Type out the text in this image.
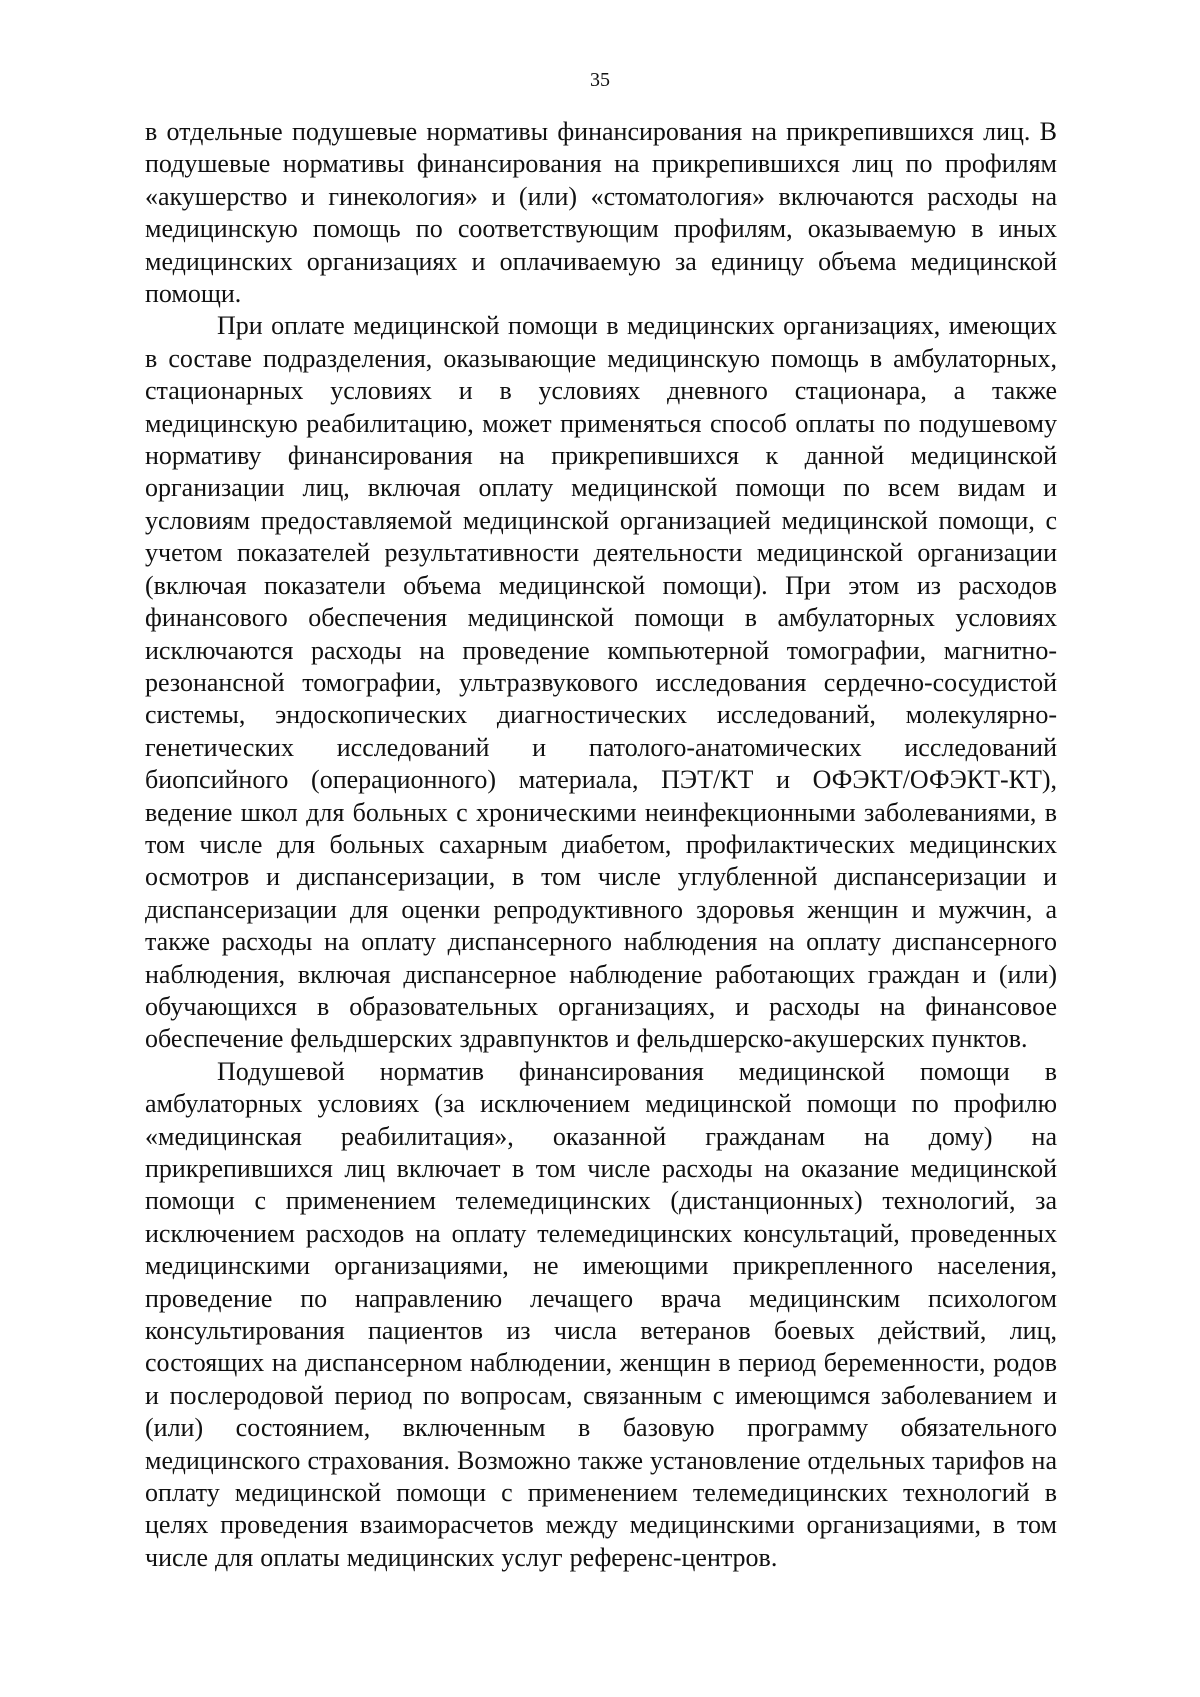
35

в отдельные подушевые нормативы финансирования на прикрепившихся лиц. В подушевые нормативы финансирования на прикрепившихся лиц по профилям «акушерство и гинекология» и (или) «стоматология» включаются расходы на медицинскую помощь по соответствующим профилям, оказываемую в иных медицинских организациях и оплачиваемую за единицу объема медицинской помощи.

При оплате медицинской помощи в медицинских организациях, имеющих в составе подразделения, оказывающие медицинскую помощь в амбулаторных, стационарных условиях и в условиях дневного стационара, а также медицинскую реабилитацию, может применяться способ оплаты по подушевому нормативу финансирования на прикрепившихся к данной медицинской организации лиц, включая оплату медицинской помощи по всем видам и условиям предоставляемой медицинской организацией медицинской помощи, с учетом показателей результативности деятельности медицинской организации (включая показатели объема медицинской помощи). При этом из расходов финансового обеспечения медицинской помощи в амбулаторных условиях исключаются расходы на проведение компьютерной томографии, магнитно-резонансной томографии, ультразвукового исследования сердечно-сосудистой системы, эндоскопических диагностических исследований, молекулярно-генетических исследований и патолого-анатомических исследований биопсийного (операционного) материала, ПЭТ/КТ и ОФЭКТ/ОФЭКТ-КТ), ведение школ для больных с хроническими неинфекционными заболеваниями, в том числе для больных сахарным диабетом, профилактических медицинских осмотров и диспансеризации, в том числе углубленной диспансеризации и диспансеризации для оценки репродуктивного здоровья женщин и мужчин, а также расходы на оплату диспансерного наблюдения на оплату диспансерного наблюдения, включая диспансерное наблюдение работающих граждан и (или) обучающихся в образовательных организациях, и расходы на финансовое обеспечение фельдшерских здравпунктов и фельдшерско-акушерских пунктов.

Подушевой норматив финансирования медицинской помощи в амбулаторных условиях (за исключением медицинской помощи по профилю «медицинская реабилитация», оказанной гражданам на дому) на прикрепившихся лиц включает в том числе расходы на оказание медицинской помощи с применением телемедицинских (дистанционных) технологий, за исключением расходов на оплату телемедицинских консультаций, проведенных медицинскими организациями, не имеющими прикрепленного населения, проведение по направлению лечащего врача медицинским психологом консультирования пациентов из числа ветеранов боевых действий, лиц, состоящих на диспансерном наблюдении, женщин в период беременности, родов и послеродовой период по вопросам, связанным с имеющимся заболеванием и (или) состоянием, включенным в базовую программу обязательного медицинского страхования. Возможно также установление отдельных тарифов на оплату медицинской помощи с применением телемедицинских технологий в целях проведения взаиморасчетов между медицинскими организациями, в том числе для оплаты медицинских услуг референс-центров.
